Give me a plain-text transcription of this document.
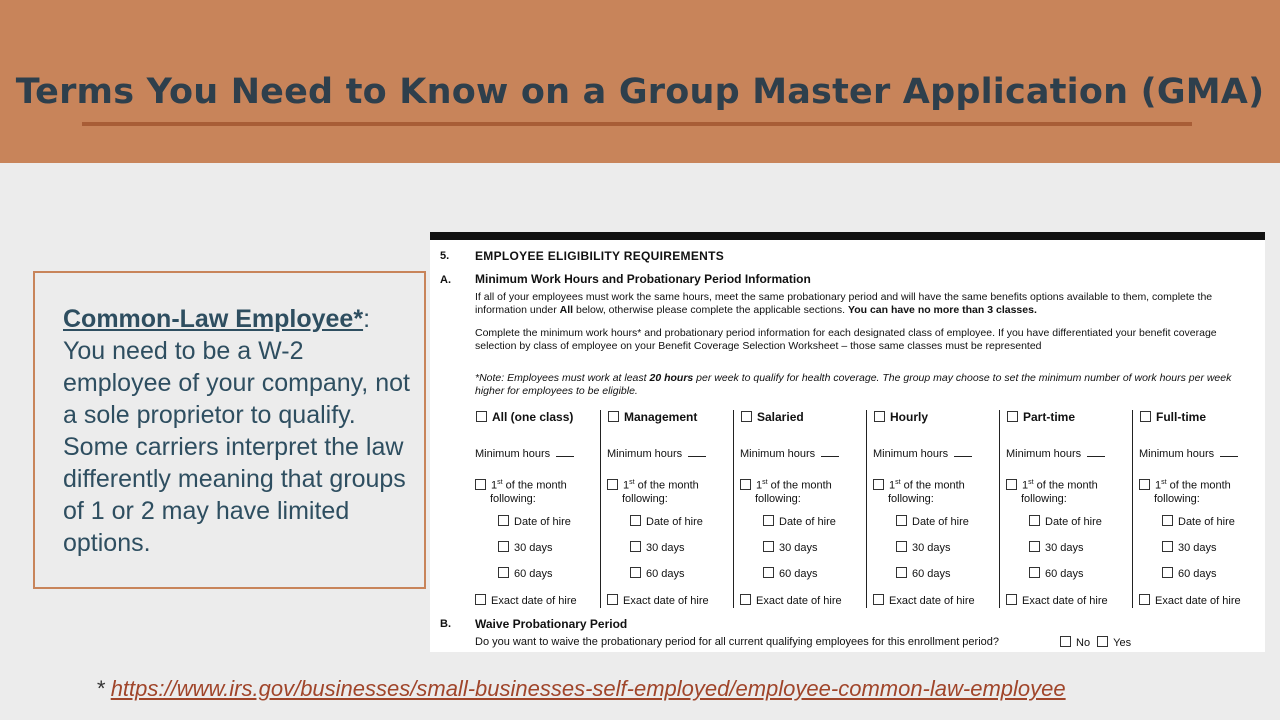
Terms You Need to Know on a Group Master Application (GMA)
Common-Law Employee*: You need to be a W-2 employee of your company, not a sole proprietor to qualify. Some carriers interpret the law differently meaning that groups of 1 or 2 may have limited options.
5. EMPLOYEE ELIGIBILITY REQUIREMENTS
A. Minimum Work Hours and Probationary Period Information
If all of your employees must work the same hours, meet the same probationary period and will have the same benefits options available to them, complete the information under All below, otherwise please complete the applicable sections. You can have no more than 3 classes.
Complete the minimum work hours* and probationary period information for each designated class of employee. If you have differentiated your benefit coverage selection by class of employee on your Benefit Coverage Selection Worksheet – those same classes must be represented
*Note: Employees must work at least 20 hours per week to qualify for health coverage. The group may choose to set the minimum number of work hours per week higher for employees to be eligible.
All (one class)
Minimum hours
1st of the month
following:
Date of hire
30 days
60 days
Exact date of hire
Management
Minimum hours
1st of the month
following:
Date of hire
30 days
60 days
Exact date of hire
Salaried
Minimum hours
1st of the month
following:
Date of hire
30 days
60 days
Exact date of hire
Hourly
Minimum hours
1st of the month
following:
Date of hire
30 days
60 days
Exact date of hire
Part-time
Minimum hours
1st of the month
following:
Date of hire
30 days
60 days
Exact date of hire
Full-time
Minimum hours
1st of the month
following:
Date of hire
30 days
60 days
Exact date of hire
B. Waive Probationary Period
Do you want to waive the probationary period for all current qualifying employees for this enrollment period?	No Yes
* https://www.irs.gov/businesses/small-businesses-self-employed/employee-common-law-employee
